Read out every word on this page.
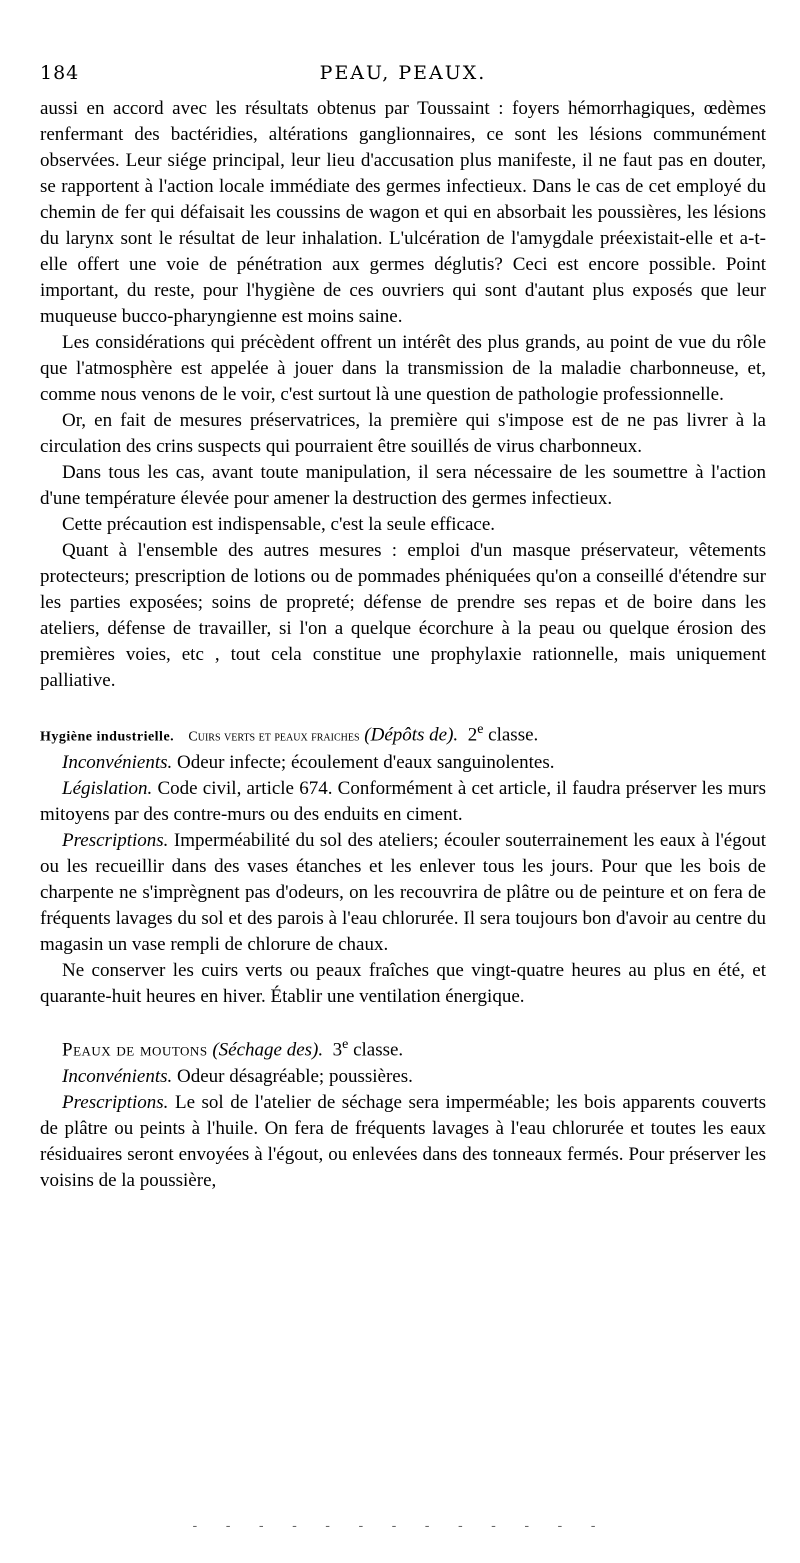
184	PEAU, PEAUX.

aussi en accord avec les résultats obtenus par Toussaint : foyers hémorrhagiques, œdèmes renfermant des bactéridies, altérations ganglionnaires, ce sont les lésions communément observées. Leur siége principal, leur lieu d'accusation plus manifeste, il ne faut pas en douter, se rapportent à l'action locale immédiate des germes infectieux. Dans le cas de cet employé du chemin de fer qui défaisait les coussins de wagon et qui en absorbait les poussières, les lésions du larynx sont le résultat de leur inhalation. L'ulcération de l'amygdale préexistait-elle et a-t-elle offert une voie de pénétration aux germes déglutis? Ceci est encore possible. Point important, du reste, pour l'hygiène de ces ouvriers qui sont d'autant plus exposés que leur muqueuse bucco-pharyngienne est moins saine.

Les considérations qui précèdent offrent un intérêt des plus grands, au point de vue du rôle que l'atmosphère est appelée à jouer dans la transmission de la maladie charbonneuse, et, comme nous venons de le voir, c'est surtout là une question de pathologie professionnelle.

Or, en fait de mesures préservatrices, la première qui s'impose est de ne pas livrer à la circulation des crins suspects qui pourraient être souillés de virus charbonneux.

Dans tous les cas, avant toute manipulation, il sera nécessaire de les soumettre à l'action d'une température élevée pour amener la destruction des germes infectieux.

Cette précaution est indispensable, c'est la seule efficace.

Quant à l'ensemble des autres mesures : emploi d'un masque préservateur, vêtements protecteurs; prescription de lotions ou de pommades phéniquées qu'on a conseillé d'étendre sur les parties exposées; soins de propreté; défense de prendre ses repas et de boire dans les ateliers, défense de travailler, si l'on a quelque écorchure à la peau ou quelque érosion des premières voies, etc , tout cela constitue une prophylaxie rationnelle, mais uniquement palliative.

Hygiène industrielle. Cuirs verts et peaux fraiches (Dépôts de). 2e classe.

Inconvénients. Odeur infecte; écoulement d'eaux sanguinolentes.

Législation. Code civil, article 674. Conformément à cet article, il faudra préserver les murs mitoyens par des contre-murs ou des enduits en ciment.

Prescriptions. Imperméabilité du sol des ateliers; écouler souterrainement les eaux à l'égout ou les recueillir dans des vases étanches et les enlever tous les jours. Pour que les bois de charpente ne s'imprègnent pas d'odeurs, on les recouvrira de plâtre ou de peinture et on fera de fréquents lavages du sol et des parois à l'eau chlorurée. Il sera toujours bon d'avoir au centre du magasin un vase rempli de chlorure de chaux.

Ne conserver les cuirs verts ou peaux fraîches que vingt-quatre heures au plus en été, et quarante-huit heures en hiver. Établir une ventilation énergique.

Peaux de moutons (Séchage des). 3e classe.

Inconvénients. Odeur désagréable; poussières.

Prescriptions. Le sol de l'atelier de séchage sera imperméable; les bois apparents couverts de plâtre ou peints à l'huile. On fera de fréquents lavages à l'eau chlorurée et toutes les eaux résiduaires seront envoyées à l'égout, ou enlevées dans des tonneaux fermés. Pour préserver les voisins de la poussière,

- - - - - - - - - - - - -
